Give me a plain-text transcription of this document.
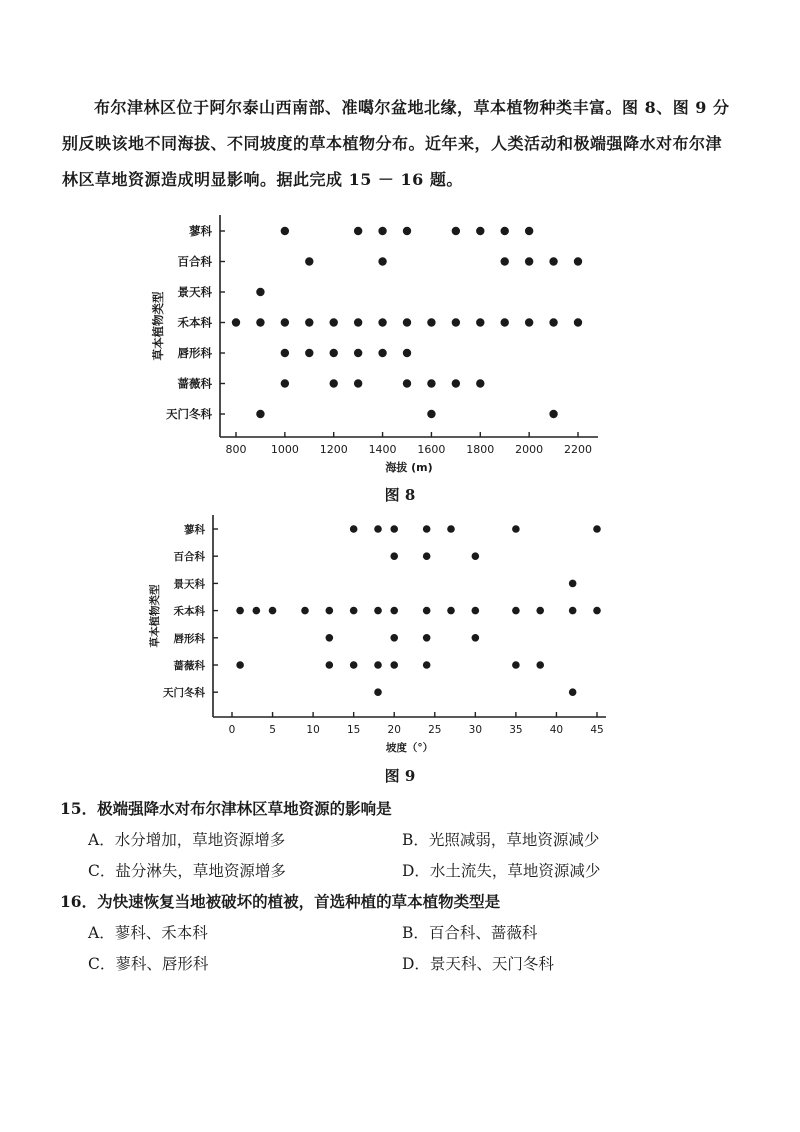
布尔津林区位于阿尔泰山西南部、准噶尔盆地北缘，草本植物种类丰富。图 8、图 9 分别反映该地不同海拔、不同坡度的草本植物分布。近年来，人类活动和极端强降水对布尔津林区草地资源造成明显影响。据此完成 15 － 16 题。

蓼科
百合科
景天科
禾本科
唇形科
蔷薇科
天门冬科
800 1000 1200 1400 1600 1800 2000 2200
海拔 (m)
草本植物类型
图 8
蓼科
百合科
景天科
禾本科
唇形科
蔷薇科
天门冬科
0	5	10	15	20	25	30	35	40	45
坡度（°）
草本植物类型
图 9
15．极端强降水对布尔津林区草地资源的影响是
A．水分增加，草地资源增多	B．光照减弱，草地资源减少
C．盐分淋失，草地资源增多	D．水土流失，草地资源减少
16．为快速恢复当地被破坏的植被，首选种植的草本植物类型是
A．蓼科、禾本科	B．百合科、蔷薇科
C．蓼科、唇形科	D．景天科、天门冬科
